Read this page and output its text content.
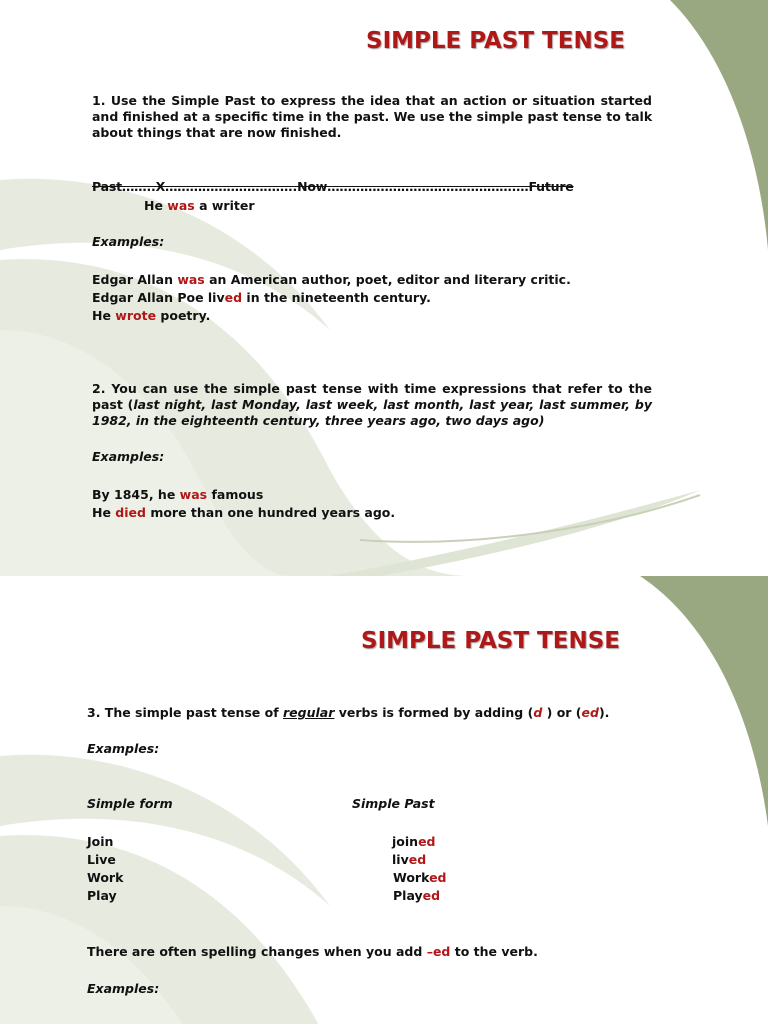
SIMPLE PAST TENSE
1. Use the Simple Past to express the idea that an action or situation started
and finished at a specific time in the past. We use the simple past tense to talk
about things that are now finished.
Past……..X…………………………..Now……………………………………….…Future
He was a writer
Examples:
Edgar Allan was an American author, poet, editor and literary critic.
Edgar Allan Poe lived in the nineteenth century.
He wrote poetry.
2. You can use the simple past tense with time expressions that refer to the
past (last night, last Monday, last week, last month, last year, last summer, by
1982, in the eighteenth century, three years ago, two days ago)
Examples:
By 1845, he was famous
He died more than one hundred years ago.
SIMPLE PAST TENSE
3. The simple past tense of regular verbs is formed by adding (d ) or (ed).
Examples:
Simple form	Simple Past
Join
Live
Work
Play
joined
lived
Worked
Played
There are often spelling changes when you add –ed to the verb.
Examples:
